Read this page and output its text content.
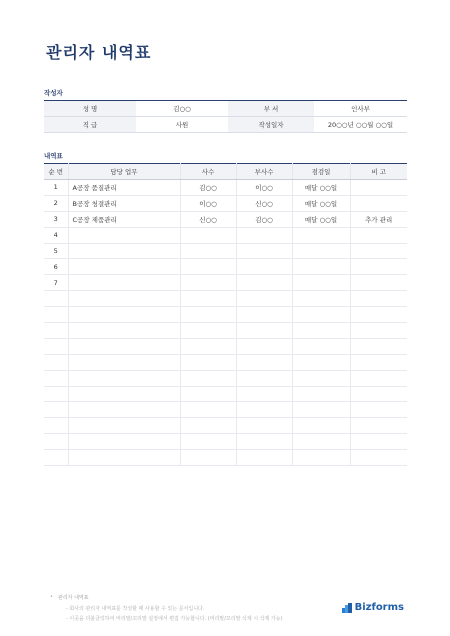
관리자 내역표
작성자
성 명	김○○	부 서	인사부
직 급	사원	작성일자	20○○년 ○○월 ○○일
내역표
순 번	담당 업무	사수	부사수	점검일	비 고
1	A공장 품질관리	김○○	이○○	매달 ○○일	
2	B공장 청결관리	이○○	신○○	매달 ○○일	
3	C공장 제품관리	신○○	김○○	매달 ○○일	추가 관리
4					
5					
6					
7					

• 관리자 내역표
- 회사의 관리자 내역표를 작성할 때 사용할 수 있는 문서입니다.
- 이곳을 더블클릭하여 머리말/꼬리말 설정에서 편집 가능합니다. (머리말/꼬리말 삭제 시 삭제 가능)
Bizforms
